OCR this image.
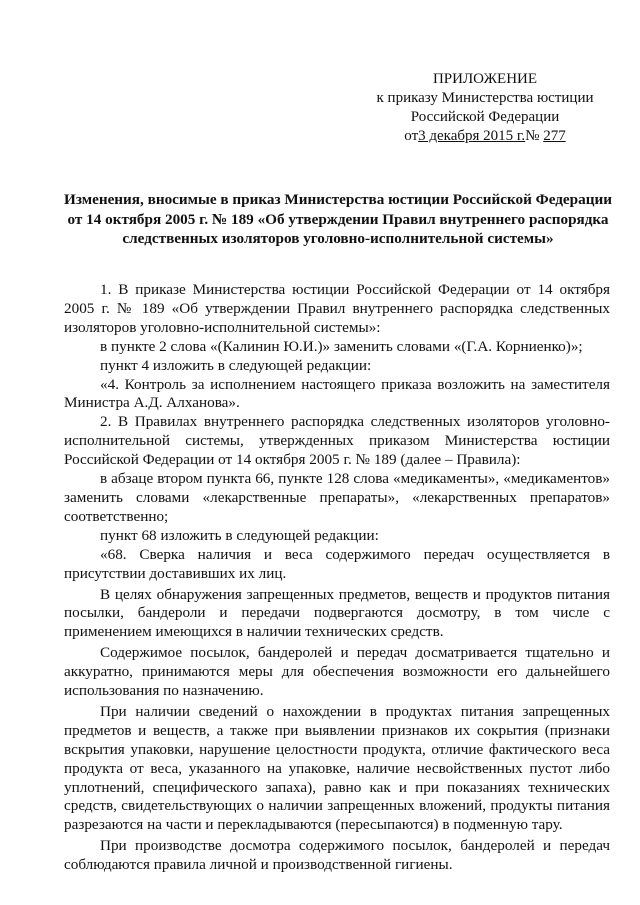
ПРИЛОЖЕНИЕ
к приказу Министерства юстиции
Российской Федерации
от3 декабря 2015 г.№ 277
Изменения, вносимые в приказ Министерства юстиции Российской Федерации от 14 октября 2005 г. № 189 «Об утверждении Правил внутреннего распорядка следственных изоляторов уголовно-исполнительной системы»

1. В приказе Министерства юстиции Российской Федерации от 14 октября 2005 г. № 189 «Об утверждении Правил внутреннего распорядка следственных изоляторов уголовно-исполнительной системы»:

в пункте 2 слова «(Калинин Ю.И.)» заменить словами «(Г.А. Корниенко)»;

пункт 4 изложить в следующей редакции:

«4. Контроль за исполнением настоящего приказа возложить на заместителя Министра А.Д. Алханова».

2. В Правилах внутреннего распорядка следственных изоляторов уголовно-исполнительной системы, утвержденных приказом Министерства юстиции Российской Федерации от 14 октября 2005 г. № 189 (далее – Правила):

в абзаце втором пункта 66, пункте 128 слова «медикаменты», «медикаментов» заменить словами «лекарственные препараты», «лекарственных препаратов» соответственно;

пункт 68 изложить в следующей редакции:

«68. Сверка наличия и веса содержимого передач осуществляется в присутствии доставивших их лиц.

В целях обнаружения запрещенных предметов, веществ и продуктов питания посылки, бандероли и передачи подвергаются досмотру, в том числе с применением имеющихся в наличии технических средств.

Содержимое посылок, бандеролей и передач досматривается тщательно и аккуратно, принимаются меры для обеспечения возможности его дальнейшего использования по назначению.

При наличии сведений о нахождении в продуктах питания запрещенных предметов и веществ, а также при выявлении признаков их сокрытия (признаки вскрытия упаковки, нарушение целостности продукта, отличие фактического веса продукта от веса, указанного на упаковке, наличие несвойственных пустот либо уплотнений, специфического запаха), равно как и при показаниях технических средств, свидетельствующих о наличии запрещенных вложений, продукты питания разрезаются на части и перекладываются (пересыпаются) в подменную тару.

При производстве досмотра содержимого посылок, бандеролей и передач соблюдаются правила личной и производственной гигиены.
